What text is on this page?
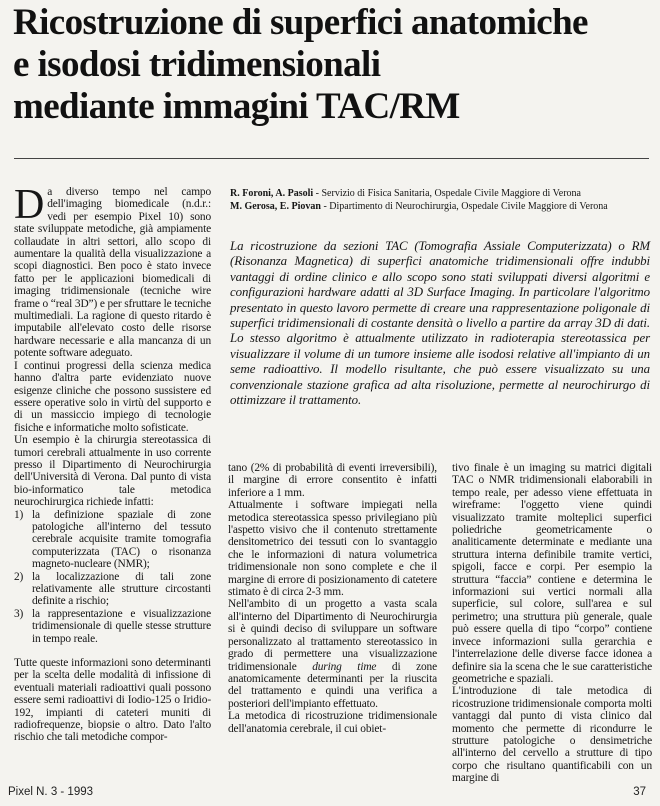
Ricostruzione di superfici anatomiche
e isodosi tridimensionali
mediante immagini TAC/RM
R. Foroni, A. Pasoli - Servizio di Fisica Sanitaria, Ospedale Civile Maggiore di Verona
M. Gerosa, E. Piovan - Dipartimento di Neurochirurgia, Ospedale Civile Maggiore di Verona

La ricostruzione da sezioni TAC (Tomografia Assiale Computerizzata) o RM (Risonanza Magnetica) di superfici anatomiche tridimensionali offre indubbi vantaggi di ordine clinico e allo scopo sono stati sviluppati diversi algoritmi e configurazioni hardware adatti al 3D Surface Imaging. In particolare l'algoritmo presentato in questo lavoro permette di creare una rappresentazione poligonale di superfici tridimensionali di costante densità o livello a partire da array 3D di dati. Lo stesso algoritmo è attualmente utilizzato in radioterapia stereotassica per visualizzare il volume di un tumore insieme alle isodosi relative all'impianto di un seme radioattivo. Il modello risultante, che può essere visualizzato su una convenzionale stazione grafica ad alta risoluzione, permette al neurochirurgo di ottimizzare il trattamento.

Da diverso tempo nel campo dell'imaging biomedicale (n.d.r.: vedi per esempio Pixel 10) sono state sviluppate metodiche, già ampiamente collaudate in altri settori, allo scopo di aumentare la qualità della visualizzazione a scopi diagnostici. Ben poco è stato invece fatto per le applicazioni biomedicali di imaging tridimensionale (tecniche wire frame o “real 3D”) e per sfruttare le tecniche multimediali. La ragione di questo ritardo è imputabile all'elevato costo delle risorse hardware necessarie e alla mancanza di un potente software adeguato.

I continui progressi della scienza medica hanno d'altra parte evidenziato nuove esigenze cliniche che possono sussistere ed essere operative solo in virtù del supporto e di un massiccio impiego di tecnologie fisiche e informatiche molto sofisticate.

Un esempio è la chirurgia stereotassica di tumori cerebrali attualmente in uso corrente presso il Dipartimento di Neurochirurgia dell'Università di Verona. Dal punto di vista bio-informatico tale metodica neurochirurgica richiede infatti:

1) la definizione spaziale di zone patologiche all'interno del tessuto cerebrale acquisite tramite tomografia computerizzata (TAC) o risonanza magneto-nucleare (NMR);
2) la localizzazione di tali zone relativamente alle strutture circostanti definite a rischio;
3) la rappresentazione e visualizzazione tridimensionale di quelle stesse strutture in tempo reale.

Tutte queste informazioni sono determinanti per la scelta delle modalità di infissione di eventuali materiali radioattivi quali possono essere semi radioattivi di Iodio-125 o Iridio-192, impianti di cateteri muniti di radiofrequenze, biopsie o altro. Dato l'alto rischio che tali metodiche compor-

tano (2% di probabilità di eventi irreversibili), il margine di errore consentito è infatti inferiore a 1 mm.

Attualmente i software impiegati nella metodica stereotassica spesso privilegiano più l'aspetto visivo che il contenuto strettamente densitometrico dei tessuti con lo svantaggio che le informazioni di natura volumetrica tridimensionale non sono complete e che il margine di errore di posizionamento di catetere stimato è di circa 2-3 mm.

Nell'ambito di un progetto a vasta scala all'interno del Dipartimento di Neurochirurgia si è quindi deciso di sviluppare un software personalizzato al trattamento stereotassico in grado di permettere una visualizzazione tridimensionale during time di zone anatomicamente determinanti per la riuscita del trattamento e quindi una verifica a posteriori dell'impianto effettuato.

La metodica di ricostruzione tridimensionale dell'anatomia cerebrale, il cui obiet-

tivo finale è un imaging su matrici digitali TAC o NMR tridimensionali elaborabili in tempo reale, per adesso viene effettuata in wireframe: l'oggetto viene quindi visualizzato tramite molteplici superfici poliedriche geometricamente o analiticamente determinate e mediante una struttura interna definibile tramite vertici, spigoli, facce e corpi. Per esempio la struttura “faccia” contiene e determina le informazioni sui vertici normali alla superficie, sul colore, sull'area e sul perimetro; una struttura più generale, quale può essere quella di tipo “corpo” contiene invece informazioni sulla gerarchia e l'interrelazione delle diverse facce idonea a definire sia la scena che le sue caratteristiche geometriche e spaziali.

L'introduzione di tale metodica di ricostruzione tridimensionale comporta molti vantaggi dal punto di vista clinico dal momento che permette di ricondurre le strutture patologiche o densimetriche all'interno del cervello a strutture di tipo corpo che risultano quantificabili con un margine di

Pixel N. 3 - 1993	37
